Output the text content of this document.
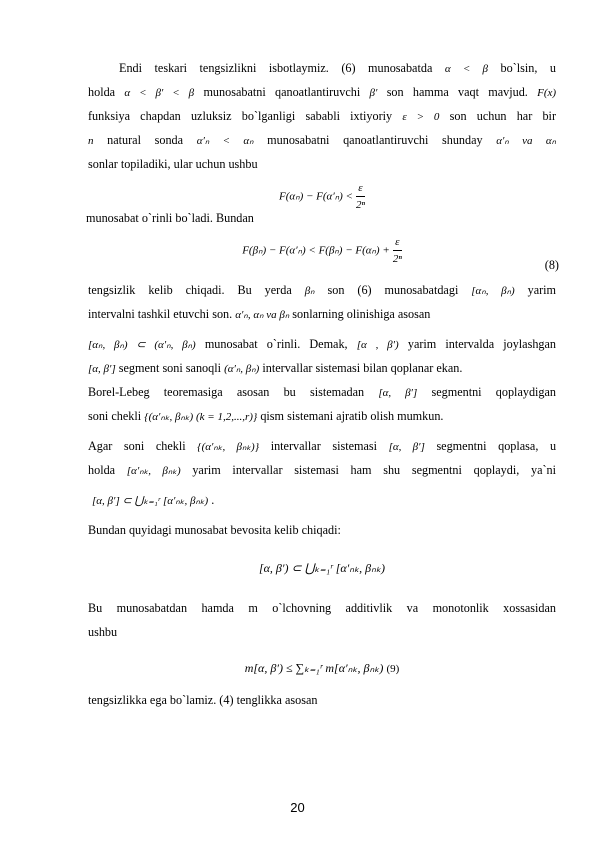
Endi teskari tengsizlikni isbotlaymiz. (6) munosabatda α < β bo`lsin, u
holda α < β′ < β munosabatni qanoatlantiruvchi β′ son hamma vaqt mavjud. F(x)
funksiya chapdan uzluksiz bo`lganligi sababli ixtiyoriy ε > 0 son uchun har bir
n natural sonda α′ₙ < αₙ munosabatni qanoatlantiruvchi shunday α′ₙ va αₙ
sonlar topiladiki, ular uchun ushbu
$F(\alpha_n) - F(\alpha'_n) < \frac{\varepsilon}{\text{2ⁿ}}$
munosabat o`rinli bo`ladi. Bundan
$F(\beta_n) - F(\alpha'_n) < F(\beta_n) - F(\alpha_n) + \frac{\varepsilon}{\text{2ⁿ}}$	(8)
tengsizlik kelib chiqadi. Bu yerda βₙ son (6) munosabatdagi [αₙ, βₙ) yarim
intervalni tashkil etuvchi son. α′ₙ, αₙ va βₙ sonlarning olinishiga asosan
[αₙ, βₙ) ⊂ (α′ₙ, βₙ) munosabat o`rinli. Demak, [α , β′) yarim intervalda joylashgan
[α, β′] segment soni sanoqli (α′ₙ, βₙ) intervallar sistemasi bilan qoplanar ekan.
Borel-Lebeg teoremasiga asosan bu sistemadan [α, β′] segmentni qoplaydigan
soni chekli {(α′ₙₖ, βₙₖ) (k = 1,2,...,r)} qism sistemani ajratib olish mumkun.
Agar soni chekli {(α′ₙₖ, βₙₖ)} intervallar sistemasi [α, β′] segmentni qoplasa, u
holda [α′ₙₖ, βₙₖ) yarim intervallar sistemasi ham shu segmentni qoplaydi, ya`ni
[α, β′] ⊂ ⋃ₖ₌₁ʳ [α′ₙₖ, βₙₖ) .
Bundan quyidagi munosabat bevosita kelib chiqadi:
[α, β′) ⊂ ⋃ₖ₌₁ʳ [α′ₙₖ, βₙₖ)
Bu munosabatdan hamda m o`lchovning additivlik va monotonlik xossasidan
ushbu
m[α, β′) ≤ ∑ₖ₌₁ʳ m[α′ₙₖ, βₙₖ) (9)
tengsizlikka ega bo`lamiz. (4) tenglikka asosan
20
